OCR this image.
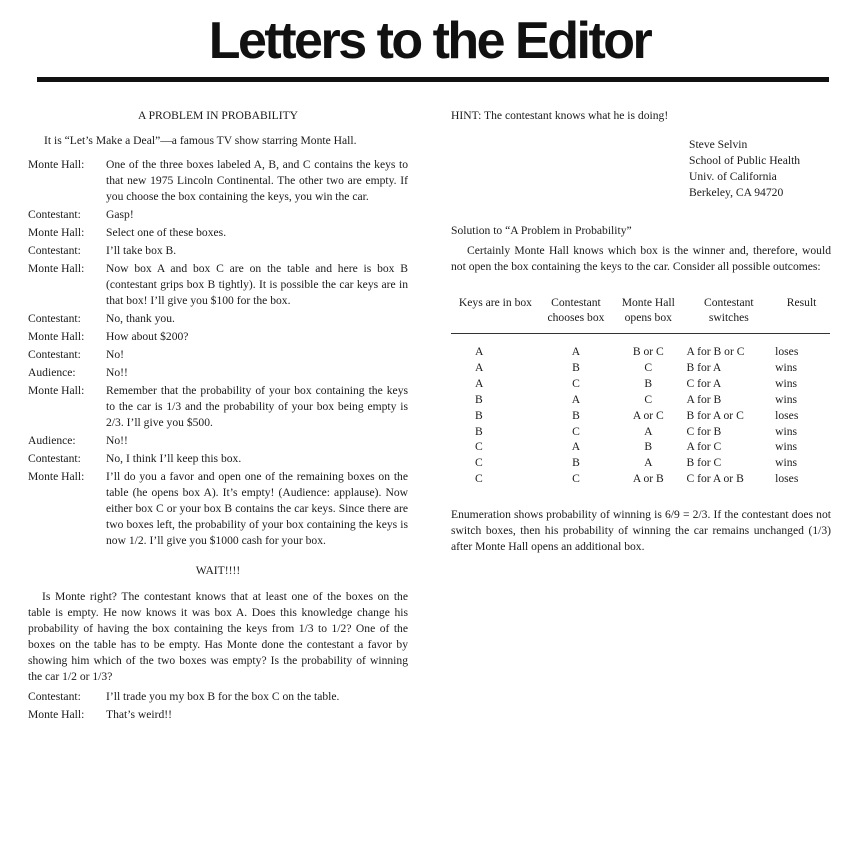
Letters to the Editor
A PROBLEM IN PROBABILITY
It is “Let’s Make a Deal”—a famous TV show starring Monte Hall.
Monte Hall:	One of the three boxes labeled A, B, and C contains the keys to that new 1975 Lincoln Continental. The other two are empty. If you choose the box containing the keys, you win the car.
Contestant:	Gasp!
Monte Hall:	Select one of these boxes.
Contestant:	I’ll take box B.
Monte Hall:	Now box A and box C are on the table and here is box B (contestant grips box B tightly). It is possible the car keys are in that box! I’ll give you $100 for the box.
Contestant:	No, thank you.
Monte Hall:	How about $200?
Contestant:	No!
Audience:	No!!
Monte Hall:	Remember that the probability of your box containing the keys to the car is 1/3 and the probability of your box being empty is 2/3. I’ll give you $500.
Audience:	No!!
Contestant:	No, I think I’ll keep this box.
Monte Hall:	I’ll do you a favor and open one of the remaining boxes on the table (he opens box A). It’s empty! (Audience: applause). Now either box C or your box B contains the car keys. Since there are two boxes left, the probability of your box containing the keys is now 1/2. I’ll give you $1000 cash for your box.
WAIT!!!!
Is Monte right? The contestant knows that at least one of the boxes on the table is empty. He now knows it was box A. Does this knowledge change his probability of having the box containing the keys from 1/3 to 1/2? One of the boxes on the table has to be empty. Has Monte done the contestant a favor by showing him which of the two boxes was empty? Is the probability of winning the car 1/2 or 1/3?
Contestant:	I’ll trade you my box B for the box C on the table.
Monte Hall:	That’s weird!!
HINT: The contestant knows what he is doing!
Steve Selvin
School of Public Health
Univ. of California
Berkeley, CA 94720
Solution to “A Problem in Probability”
Certainly Monte Hall knows which box is the winner and, therefore, would not open the box containing the keys to the car. Consider all possible outcomes:
Keys are in box	Contestant chooses box	Monte Hall opens box	Contestant switches	Result
A	A	B or C	A for B or C	loses
A	B	C	B for A	wins
A	C	B	C for A	wins
B	A	C	A for B	wins
B	B	A or C	B for A or C	loses
B	C	A	C for B	wins
C	A	B	A for C	wins
C	B	A	B for C	wins
C	C	A or B	C for A or B	loses
Enumeration shows probability of winning is 6/9 = 2/3. If the contestant does not switch boxes, then his probability of winning the car remains unchanged (1/3) after Monte Hall opens an additional box.
